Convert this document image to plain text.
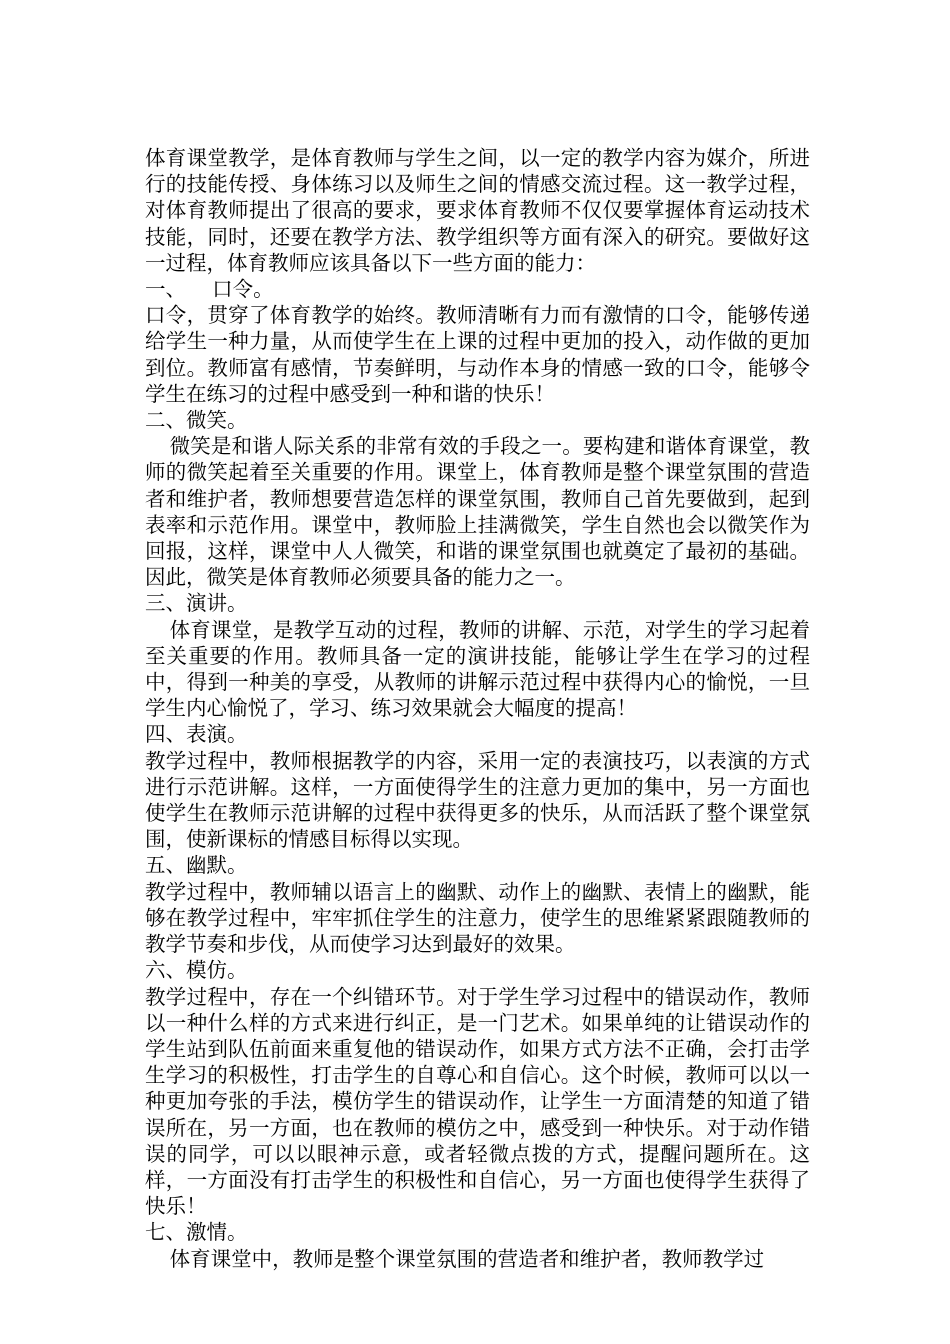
体育课堂教学，是体育教师与学生之间，以一定的教学内容为媒介，所进行的技能传授、身体练习以及师生之间的情感交流过程。这一教学过程，对体育教师提出了很高的要求，要求体育教师不仅仅要掌握体育运动技术技能，同时，还要在教学方法、教学组织等方面有深入的研究。要做好这一过程，体育教师应该具备以下一些方面的能力：

一、    口令。

口令，贯穿了体育教学的始终。教师清晰有力而有激情的口令，能够传递给学生一种力量，从而使学生在上课的过程中更加的投入，动作做的更加到位。教师富有感情，节奏鲜明，与动作本身的情感一致的口令，能够令学生在练习的过程中感受到一种和谐的快乐！

二、微笑。

微笑是和谐人际关系的非常有效的手段之一。要构建和谐体育课堂，教师的微笑起着至关重要的作用。课堂上，体育教师是整个课堂氛围的营造者和维护者，教师想要营造怎样的课堂氛围，教师自己首先要做到，起到表率和示范作用。课堂中，教师脸上挂满微笑，学生自然也会以微笑作为回报，这样，课堂中人人微笑，和谐的课堂氛围也就奠定了最初的基础。因此，微笑是体育教师必须要具备的能力之一。

三、演讲。

体育课堂，是教学互动的过程，教师的讲解、示范，对学生的学习起着至关重要的作用。教师具备一定的演讲技能，能够让学生在学习的过程中，得到一种美的享受，从教师的讲解示范过程中获得内心的愉悦，一旦学生内心愉悦了，学习、练习效果就会大幅度的提高！

四、表演。

教学过程中，教师根据教学的内容，采用一定的表演技巧，以表演的方式进行示范讲解。这样，一方面使得学生的注意力更加的集中，另一方面也使学生在教师示范讲解的过程中获得更多的快乐，从而活跃了整个课堂氛围，使新课标的情感目标得以实现。

五、幽默。

教学过程中，教师辅以语言上的幽默、动作上的幽默、表情上的幽默，能够在教学过程中，牢牢抓住学生的注意力，使学生的思维紧紧跟随教师的教学节奏和步伐，从而使学习达到最好的效果。

六、模仿。

教学过程中，存在一个纠错环节。对于学生学习过程中的错误动作，教师以一种什么样的方式来进行纠正，是一门艺术。如果单纯的让错误动作的学生站到队伍前面来重复他的错误动作，如果方式方法不正确，会打击学生学习的积极性，打击学生的自尊心和自信心。这个时候，教师可以以一种更加夸张的手法，模仿学生的错误动作，让学生一方面清楚的知道了错误所在，另一方面，也在教师的模仿之中，感受到一种快乐。对于动作错误的同学，可以以眼神示意，或者轻微点拨的方式，提醒问题所在。这样，一方面没有打击学生的积极性和自信心，另一方面也使得学生获得了快乐！

七、激情。

体育课堂中，教师是整个课堂氛围的营造者和维护者，教师教学过
